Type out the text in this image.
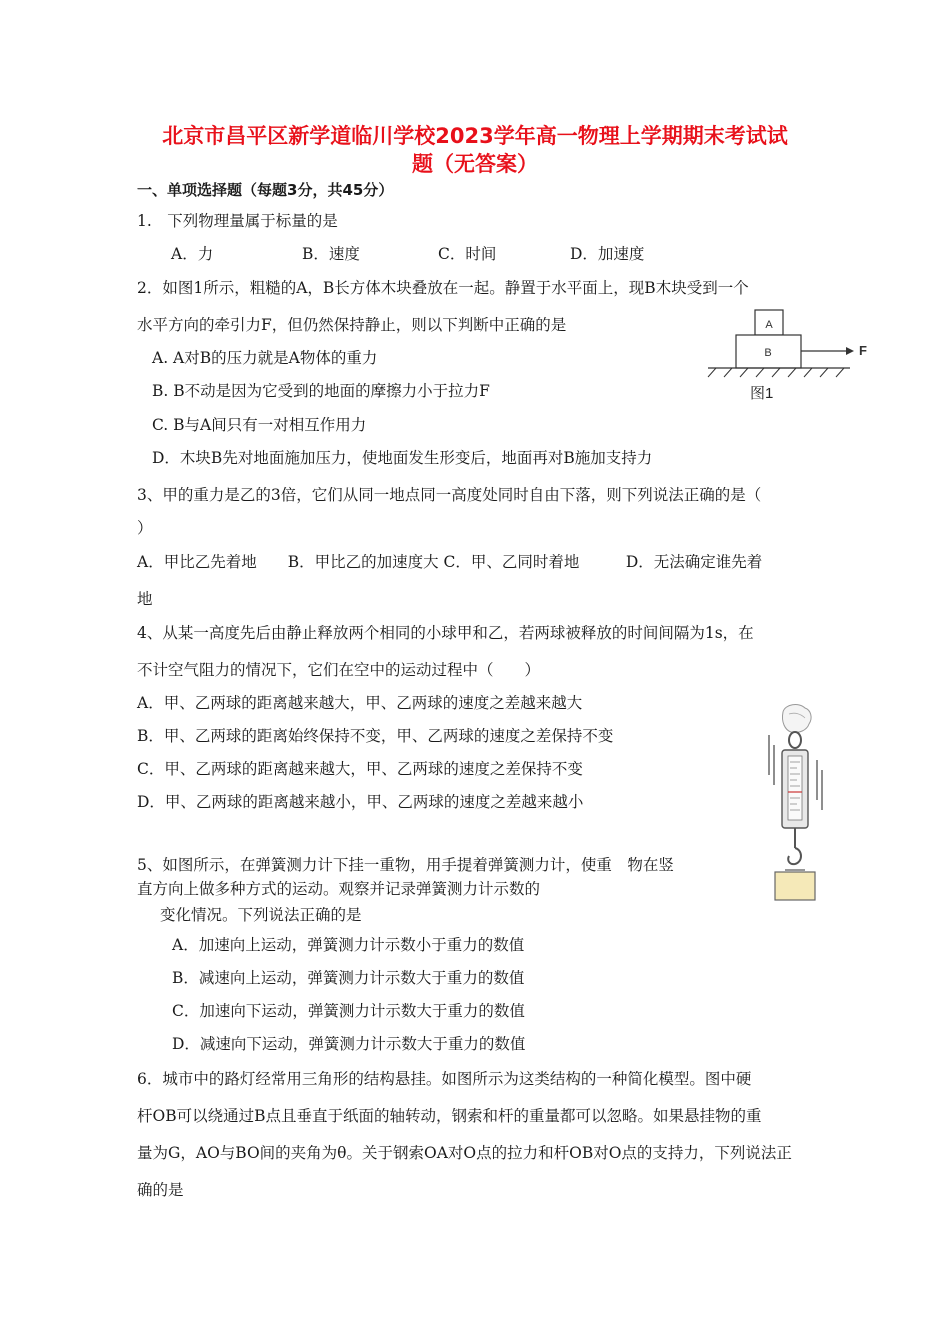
北京市昌平区新学道临川学校2023学年高一物理上学期期末考试试
题（无答案）
一、单项选择题（每题3分，共45分）
1.　下列物理量属于标量的是
A．力	B．速度	C．时间	D．加速度
2．如图1所示，粗糙的A，B长方体木块叠放在一起。静置于水平面上，现B木块受到一个
水平方向的牵引力F，但仍然保持静止，则以下判断中正确的是
A. A对B的压力就是A物体的重力
B. B不动是因为它受到的地面的摩擦力小于拉力F
C. B与A间只有一对相互作用力
D．木块B先对地面施加压力，使地面发生形变后，地面再对B施加支持力
A
B	F
图1
3、甲的重力是乙的3倍，它们从同一地点同一高度处同时自由下落，则下列说法正确的是（
）
A．甲比乙先着地　　B．甲比乙的加速度大 C．甲、乙同时着地　　　D．无法确定谁先着
地
4、从某一高度先后由静止释放两个相同的小球甲和乙，若两球被释放的时间间隔为1s，在
不计空气阻力的情况下，它们在空中的运动过程中（　　）
A．甲、乙两球的距离越来越大，甲、乙两球的速度之差越来越大
B．甲、乙两球的距离始终保持不变，甲、乙两球的速度之差保持不变
C．甲、乙两球的距离越来越大，甲、乙两球的速度之差保持不变
D．甲、乙两球的距离越来越小，甲、乙两球的速度之差越来越小
5、如图所示，在弹簧测力计下挂一重物，用手提着弹簧测力计，使重　物在竖
直方向上做多种方式的运动。观察并记录弹簧测力计示数的
变化情况。下列说法正确的是
A．加速向上运动，弹簧测力计示数小于重力的数值
B．减速向上运动，弹簧测力计示数大于重力的数值
C．加速向下运动，弹簧测力计示数大于重力的数值
D．减速向下运动，弹簧测力计示数大于重力的数值
6．城市中的路灯经常用三角形的结构悬挂。如图所示为这类结构的一种简化模型。图中硬
杆OB可以绕通过B点且垂直于纸面的轴转动，钢索和杆的重量都可以忽略。如果悬挂物的重
量为G，AO与BO间的夹角为θ。关于钢索OA对O点的拉力和杆OB对O点的支持力，下列说法正
确的是
